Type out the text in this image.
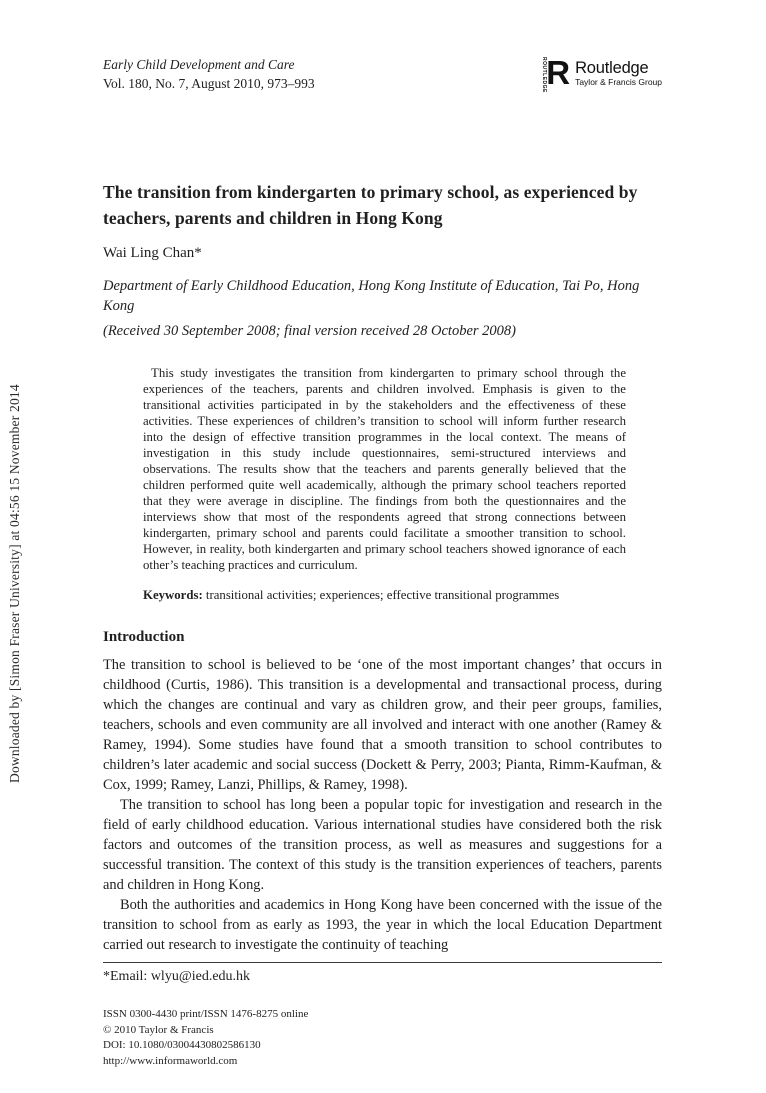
Downloaded by [Simon Fraser University] at 04:56 15 November 2014
Early Child Development and Care
Vol. 180, No. 7, August 2010, 973–993	ROUTLEDGE R Routledge
Taylor & Francis Group
The transition from kindergarten to primary school, as experienced by teachers, parents and children in Hong Kong
Wai Ling Chan*
Department of Early Childhood Education, Hong Kong Institute of Education, Tai Po, Hong Kong
(Received 30 September 2008; final version received 28 October 2008)
This study investigates the transition from kindergarten to primary school through the experiences of the teachers, parents and children involved. Emphasis is given to the transitional activities participated in by the stakeholders and the effectiveness of these activities. These experiences of children’s transition to school will inform further research into the design of effective transition programmes in the local context. The means of investigation in this study include questionnaires, semi-structured interviews and observations. The results show that the teachers and parents generally believed that the children performed quite well academically, although the primary school teachers reported that they were average in discipline. The findings from both the questionnaires and the interviews show that most of the respondents agreed that strong connections between kindergarten, primary school and parents could facilitate a smoother transition to school. However, in reality, both kindergarten and primary school teachers showed ignorance of each other’s teaching practices and curriculum.
Keywords: transitional activities; experiences; effective transitional programmes
Introduction

The transition to school is believed to be ‘one of the most important changes’ that occurs in childhood (Curtis, 1986). This transition is a developmental and transactional process, during which the changes are continual and vary as children grow, and their peer groups, families, teachers, schools and even community are all involved and interact with one another (Ramey & Ramey, 1994). Some studies have found that a smooth transition to school contributes to children’s later academic and social success (Dockett & Perry, 2003; Pianta, Rimm-Kaufman, & Cox, 1999; Ramey, Lanzi, Phillips, & Ramey, 1998).

The transition to school has long been a popular topic for investigation and research in the field of early childhood education. Various international studies have considered both the risk factors and outcomes of the transition process, as well as measures and suggestions for a successful transition. The context of this study is the transition experiences of teachers, parents and children in Hong Kong.

Both the authorities and academics in Hong Kong have been concerned with the issue of the transition to school from as early as 1993, the year in which the local Education Department carried out research to investigate the continuity of teaching

*Email: wlyu@ied.edu.hk
ISSN 0300-4430 print/ISSN 1476-8275 online
© 2010 Taylor & Francis
DOI: 10.1080/03004430802586130
http://www.informaworld.com
